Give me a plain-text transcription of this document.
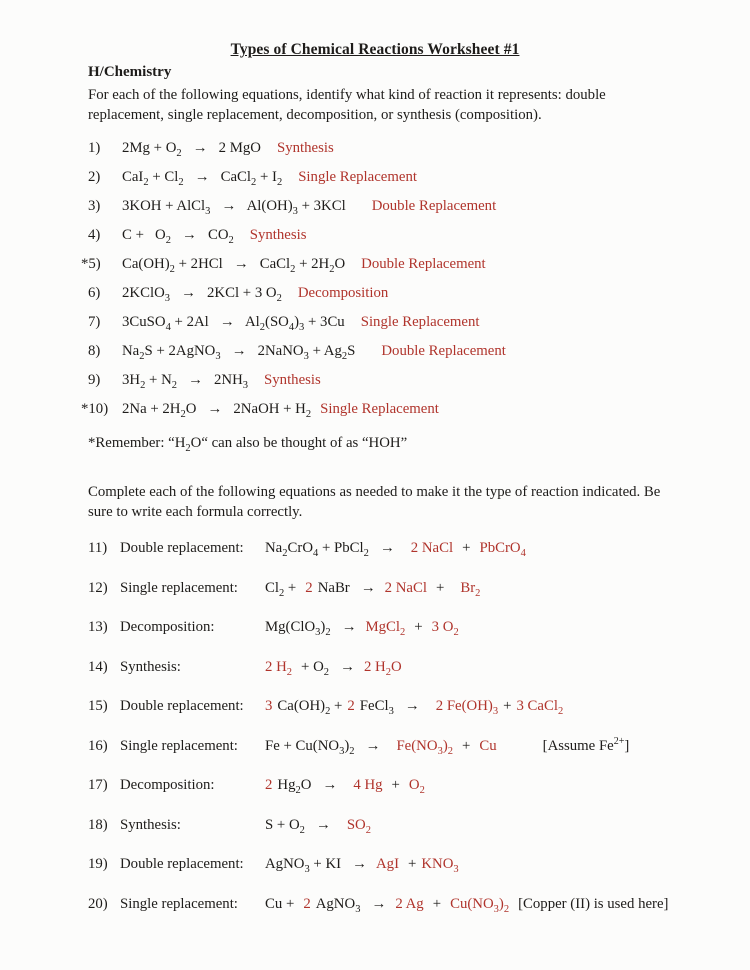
Types of Chemical Reactions Worksheet #1
H/Chemistry
For each of the following equations, identify what kind of reaction it represents: double replacement, single replacement, decomposition, or synthesis (composition).
1)	$2Mg + O_2$  →  2 MgO Synthesis
2)	$CaI_2 + Cl_2$  →  CaCl$_2$ + $I_2$ Single Replacement
3)	3KOH + AlCl$_3$  →  $Al(OH)_3 + 3KCl$ Double Replacement
4)	C +  $O_2$  →  $CO_2$ Synthesis
*5)	$Ca(OH)_2 + 2HCl$  →  CaCl$_2$ + $2H_2O$ Double Replacement
6)	2KClO$_3$  →  2KCl + 3 $O_2$ Decomposition
7)	3CuSO$_4$ + 2Al  →  $Al_2(SO_4)_3 + 3Cu$ Single Replacement
8)	$Na_2S$ + 2AgNO$_3$  →  2NaNO$_3$ + $Ag_2S$ Double Replacement
9)	$3H_2 + N_2$  →  $2NH_3$ Synthesis
*10) $2Na + 2H_2O$  →  2NaOH + $H_2$ Single Replacement
*Remember: “$H_2O“$ can also be thought of as “HOH”
Complete each of the following equations as needed to make it the type of reaction indicated. Be sure to write each formula correctly.
11) Double replacement:	$Na_2CrO_4$ + PbCl$_2$  → 2 NaCl + PbCrO$_4$
12) Single replacement:	$Cl_2 + 2$ NaBr  → 2 NaCl + $Br_2$
13) Decomposition:	$Mg(ClO_3)_2$  → MgCl$_2$ + 3 $O_2$
14) Synthesis:	2 $H_2 + O_2$  → 2 $H_2O$
15) Double replacement:	3 $Ca(OH)_2 + 2$ FeCl$_3$  → 2 $Fe(OH)_3 + 3$ CaCl$_2$
16) Single replacement:	$Fe + Cu(NO_3)_2$  → $Fe(NO_3)_2 + Cu$	[Assume $Fe^{2+}$]
17) Decomposition:	2 $Hg_2O$  → 4 $Hg + O_2$
18) Synthesis:	$S + O_2$  → $SO_2$
19) Double replacement:	AgNO$_3$ + KI  → AgI + $KNO_3$
20) Single replacement:	Cu + 2 AgNO$_3$  → 2 $Ag + Cu(NO_3)_2$ [Copper (II) is used here]
